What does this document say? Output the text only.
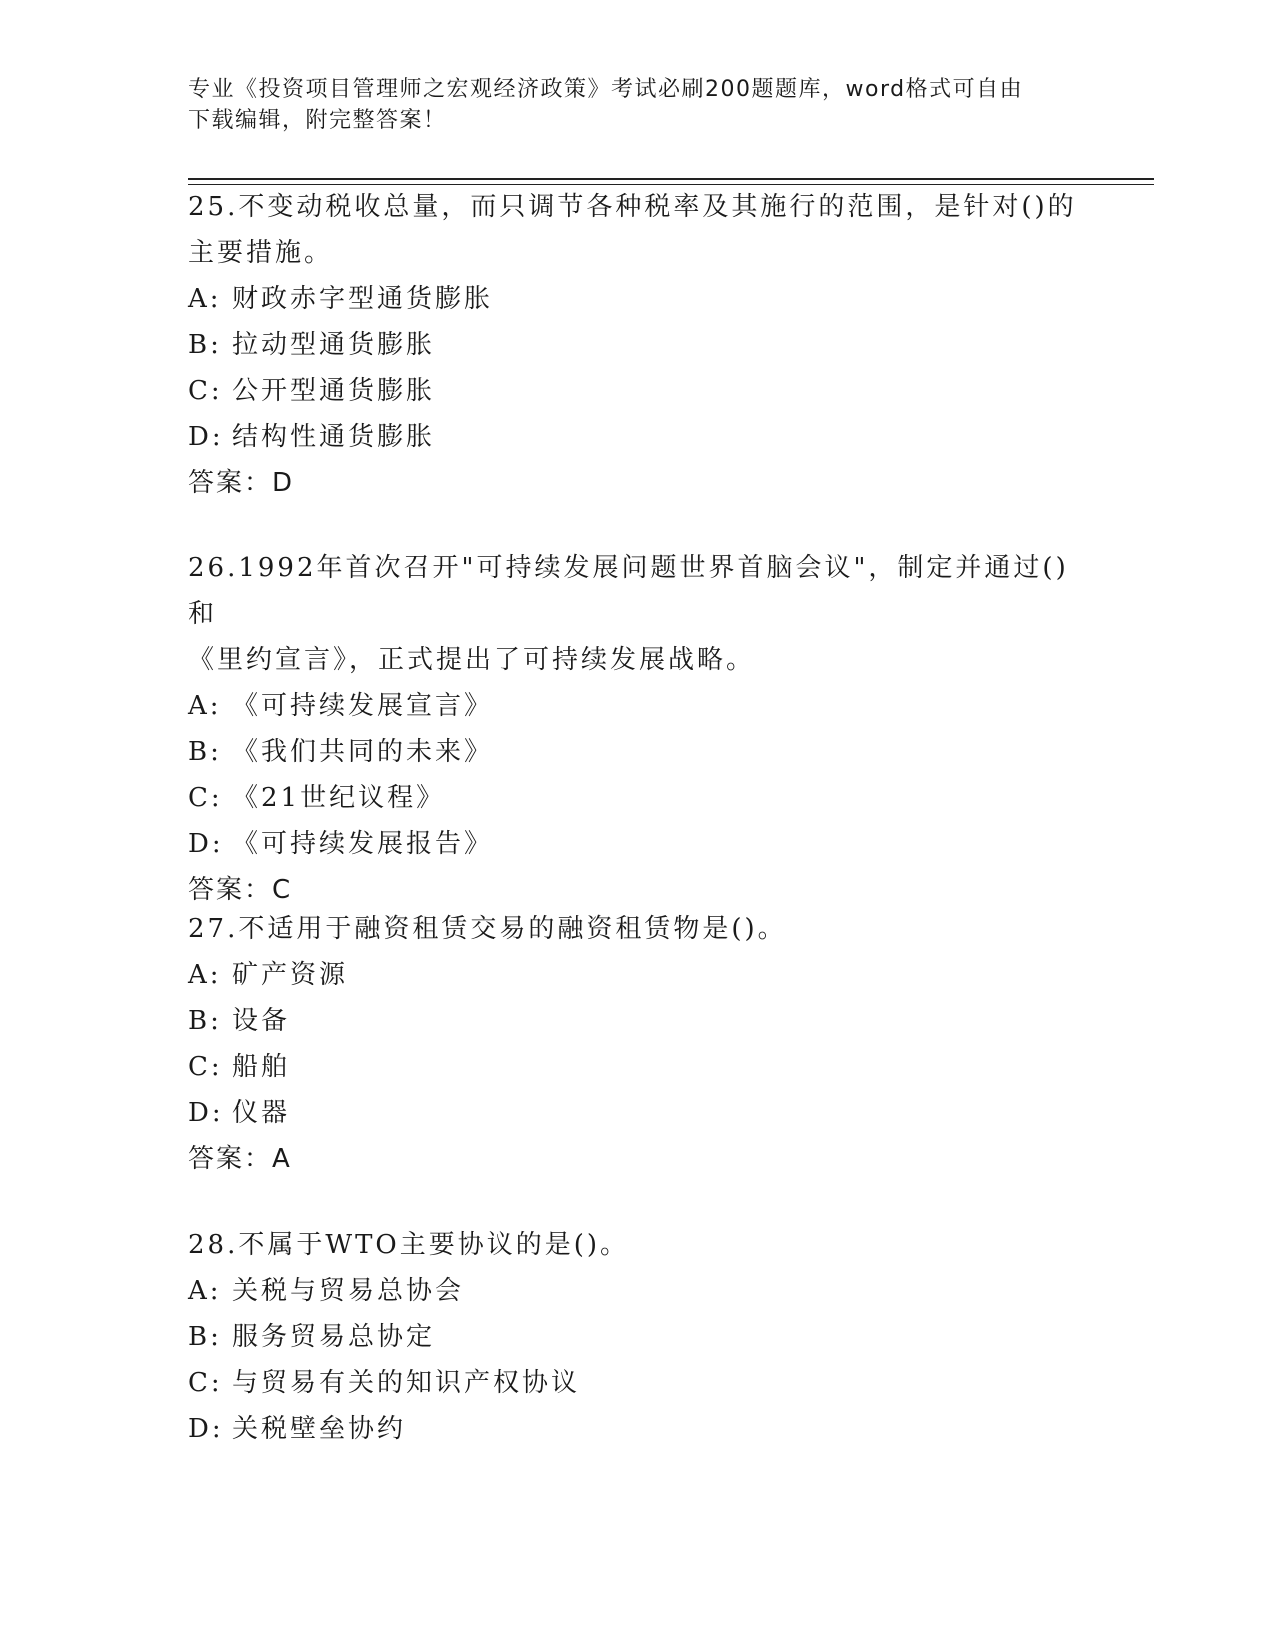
专业《投资项目管理师之宏观经济政策》考试必刷200题题库，word格式可自由
下载编辑，附完整答案！

25.不变动税收总量，而只调节各种税率及其施行的范围，是针对()的

主要措施。

A: 财政赤字型通货膨胀

B: 拉动型通货膨胀

C: 公开型通货膨胀

D: 结构性通货膨胀

答案：D

26.1992年首次召开"可持续发展问题世界首脑会议"，制定并通过()和

《里约宣言》，正式提出了可持续发展战略。

A: 《可持续发展宣言》

B: 《我们共同的未来》

C: 《21世纪议程》

D: 《可持续发展报告》

答案：C

27.不适用于融资租赁交易的融资租赁物是()。

A: 矿产资源

B: 设备

C: 船舶

D: 仪器

答案：A

28.不属于WTO主要协议的是()。

A: 关税与贸易总协会

B: 服务贸易总协定

C: 与贸易有关的知识产权协议

D: 关税壁垒协约
